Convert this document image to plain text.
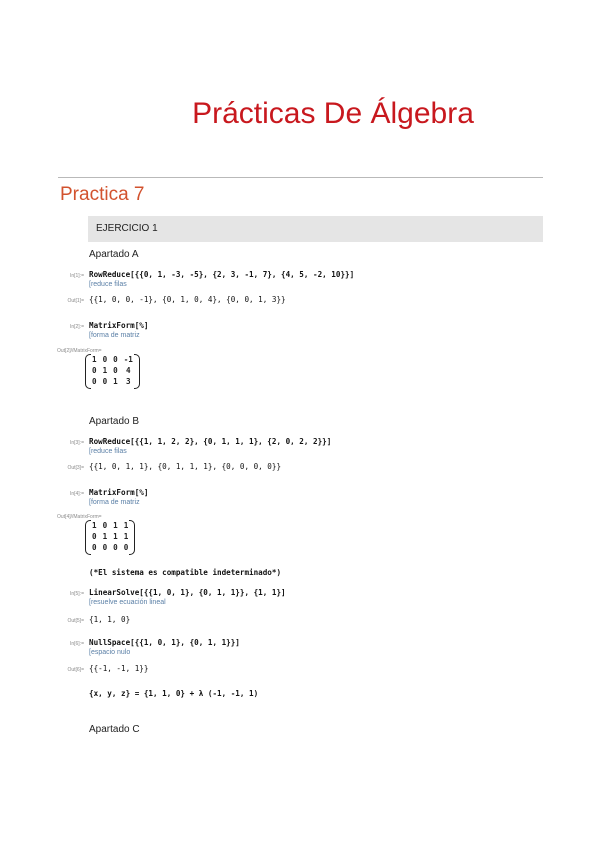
Prácticas De Álgebra
Practica 7
EJERCICIO 1
Apartado A
In[1]:= RowReduce[{{0, 1, -3, -5}, {2, 3, -1, 7}, {4, 5, -2, 10}}]
[reduce filas
Out[1]= {{1, 0, 0, -1}, {0, 1, 0, 4}, {0, 0, 1, 3}}
In[2]:= MatrixForm[%]
[forma de matriz
Out[2]//MatrixForm=
1	0	0	-1
0	1	0	4
0	0	1	3
Apartado B
In[3]:= RowReduce[{{1, 1, 2, 2}, {0, 1, 1, 1}, {2, 0, 2, 2}}]
[reduce filas
Out[3]= {{1, 0, 1, 1}, {0, 1, 1, 1}, {0, 0, 0, 0}}
In[4]:= MatrixForm[%]
[forma de matriz
Out[4]//MatrixForm=
1	0	1	1
0	1	1	1
0	0	0	0
(*El sistema es compatible indeterminado*)
In[5]:= LinearSolve[{{1, 0, 1}, {0, 1, 1}}, {1, 1}]
[resuelve ecuación lineal
Out[5]= {1, 1, 0}
In[6]:= NullSpace[{{1, 0, 1}, {0, 1, 1}}]
[espacio nulo
Out[6]= {{-1, -1, 1}}
{x, y, z} = {1, 1, 0} + λ (-1, -1, 1)
Apartado C
